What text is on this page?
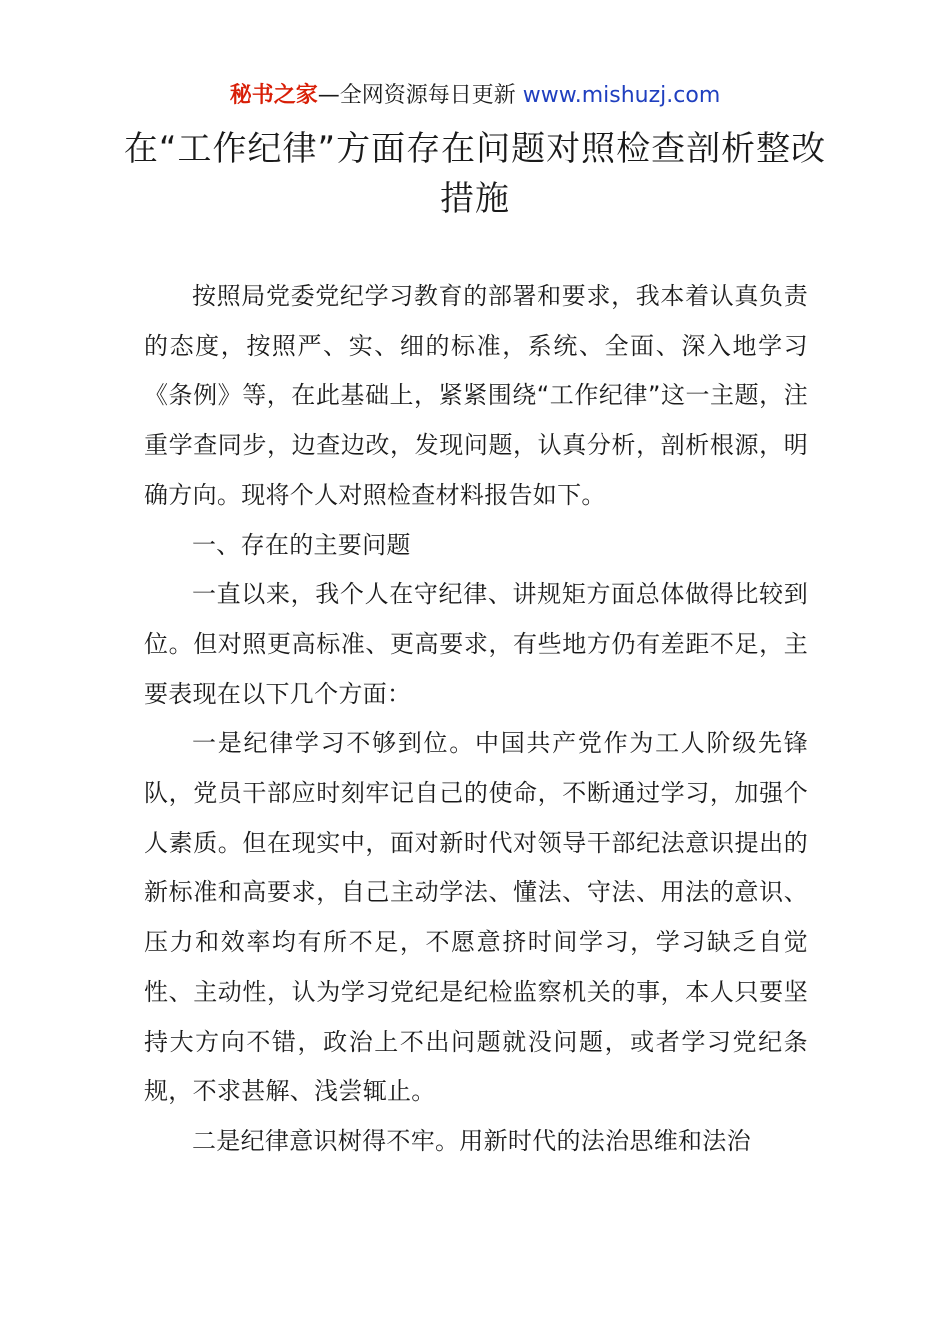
秘书之家—全网资源每日更新 www.mishuzj.com
在“工作纪律”方面存在问题对照检查剖析整改措施

按照局党委党纪学习教育的部署和要求，我本着认真负责的态度，按照严、实、细的标准，系统、全面、深入地学习《条例》等，在此基础上，紧紧围绕“工作纪律”这一主题，注重学查同步，边查边改，发现问题，认真分析，剖析根源，明确方向。现将个人对照检查材料报告如下。

一、存在的主要问题

一直以来，我个人在守纪律、讲规矩方面总体做得比较到位。但对照更高标准、更高要求，有些地方仍有差距不足，主要表现在以下几个方面：

一是纪律学习不够到位。中国共产党作为工人阶级先锋队，党员干部应时刻牢记自己的使命，不断通过学习，加强个人素质。但在现实中，面对新时代对领导干部纪法意识提出的新标准和高要求，自己主动学法、懂法、守法、用法的意识、压力和效率均有所不足，不愿意挤时间学习，学习缺乏自觉性、主动性，认为学习党纪是纪检监察机关的事，本人只要坚持大方向不错，政治上不出问题就没问题，或者学习党纪条规，不求甚解、浅尝辄止。

二是纪律意识树得不牢。用新时代的法治思维和法治
